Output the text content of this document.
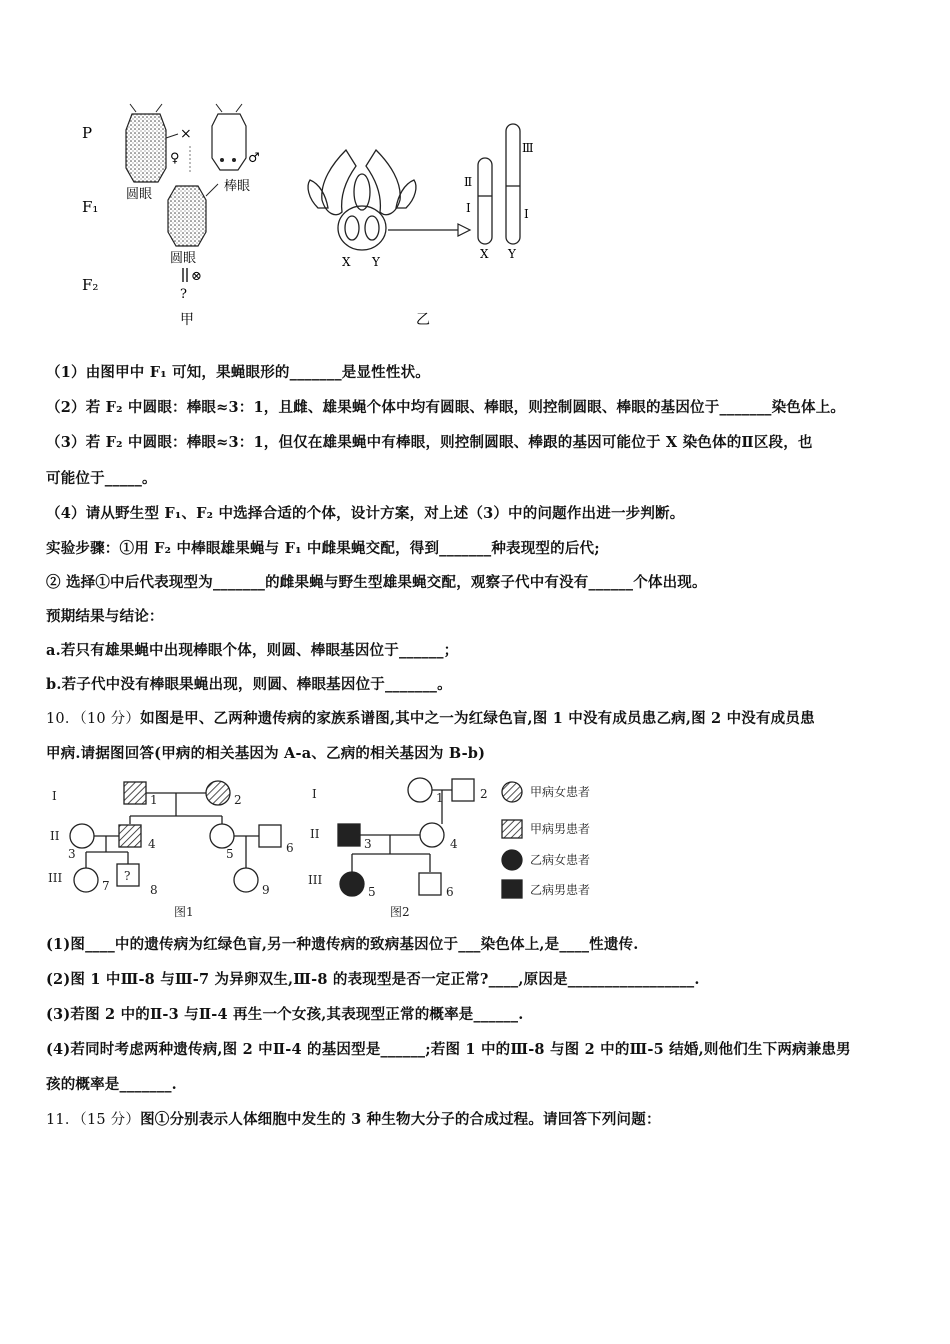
P
F₁
F₂
×
♀
圆眼
♂
棒眼
圆眼
⊗
?
甲
X Y
Ⅱ
Ⅰ
Ⅲ
Ⅰ
X Y
乙
（1）由图甲中 F₁ 可知，果蝇眼形的_______是显性性状。
（2）若 F₂ 中圆眼：棒眼≈3：1，且雌、雄果蝇个体中均有圆眼、棒眼，则控制圆眼、棒眼的基因位于_______染色体上。
（3）若 F₂ 中圆眼：棒眼≈3：1，但仅在雄果蝇中有棒眼，则控制圆眼、棒跟的基因可能位于 X 染色体的Ⅱ区段，也
可能位于_____。
（4）请从野生型 F₁、F₂ 中选择合适的个体，设计方案，对上述（3）中的问题作出进一步判断。
实验步骤：①用 F₂ 中棒眼雄果蝇与 F₁ 中雌果蝇交配，得到_______种表现型的后代;
② 选择①中后代表现型为_______的雌果蝇与野生型雄果蝇交配，观察子代中有没有______个体出现。
预期结果与结论：
a.若只有雄果蝇中出现棒眼个体，则圆、棒眼基因位于______；
b.若子代中没有棒眼果蝇出现，则圆、棒眼基因位于_______。
10．（10 分）如图是甲、乙两种遗传病的家族系谱图,其中之一为红绿色盲,图 1 中没有成员患乙病,图 2 中没有成员患
甲病.请据图回答(甲病的相关基因为 A-a、乙病的相关基因为 B-b)
I
II
III
1	2
3
4
5	6
7	8	9
?
图1
I
II
III
1	2
3	4
5	6
图2
甲病女患者
甲病男患者
乙病女患者
乙病男患者
(1)图____中的遗传病为红绿色盲,另一种遗传病的致病基因位于___染色体上,是____性遗传.
(2)图 1 中Ⅲ-8 与Ⅲ-7 为异卵双生,Ⅲ-8 的表现型是否一定正常?____,原因是_________________.
(3)若图 2 中的Ⅱ-3 与Ⅱ-4 再生一个女孩,其表现型正常的概率是______.
(4)若同时考虑两种遗传病,图 2 中Ⅱ-4 的基因型是______;若图 1 中的Ⅲ-8 与图 2 中的Ⅲ-5 结婚,则他们生下两病兼患男
孩的概率是_______.
11．（15 分）图①分别表示人体细胞中发生的 3 种生物大分子的合成过程。请回答下列问题：
